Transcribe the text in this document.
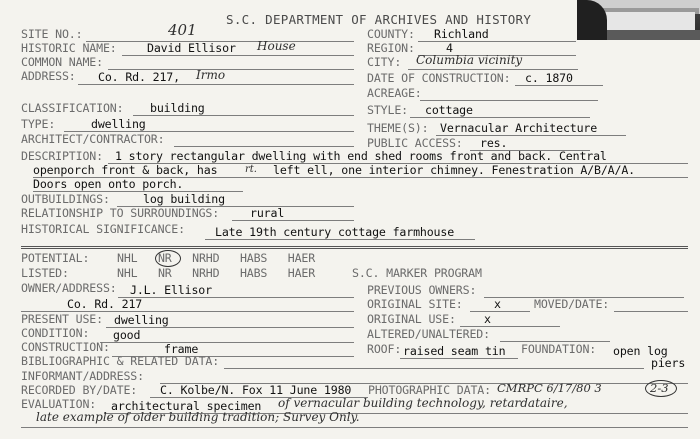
S.C. DEPARTMENT OF ARCHIVES AND HISTORY
SITE NO.:	401	COUNTY: Richland
HISTORIC NAME:	David Ellisor House	REGION:	4
COMMON NAME:	CITY: Columbia vicinity
ADDRESS: Co. Rd. 217, Irmo	DATE OF CONSTRUCTION: c. 1870
ACREAGE:
CLASSIFICATION: building	STYLE: cottage
TYPE:	dwelling	THEME(S): Vernacular Architecture
ARCHITECT/CONTRACTOR:	PUBLIC ACCESS: res.
DESCRIPTION: 1 story rectangular dwelling with end shed rooms front and back. Central
openporch front & back, has	rt. left ell, one interior chimney. Fenestration A/B/A/A.
Doors open onto porch.
OUTBUILDINGS:	log building
RELATIONSHIP TO SURROUNDINGS:	rural
HISTORICAL SIGNIFICANCE:	Late 19th century cottage farmhouse
POTENTIAL: NHL   NR   NRHD   HABS   HAER
LISTED:	NHL   NR   NRHD   HABS   HAER	S.C. MARKER PROGRAM
OWNER/ADDRESS: J.L. Ellisor	PREVIOUS OWNERS:
Co. Rd. 217	ORIGINAL SITE:	x	MOVED/DATE:
PRESENT USE: dwelling	ORIGINAL USE: x
CONDITION: good	ALTERED/UNALTERED:
CONSTRUCTION:	frame	ROOF: raised seam tin FOUNDATION: open log
piers
BIBLIOGRAPHIC & RELATED DATA:
INFORMANT/ADDRESS:
RECORDED BY/DATE: C. Kolbe/N. Fox 11 June 1980 PHOTOGRAPHIC DATA: CMRPC 6/17/80 3	2-3
EVALUATION: architectural specimen of vernacular building technology, retardataire,
late example of older building tradition; Survey Only.
